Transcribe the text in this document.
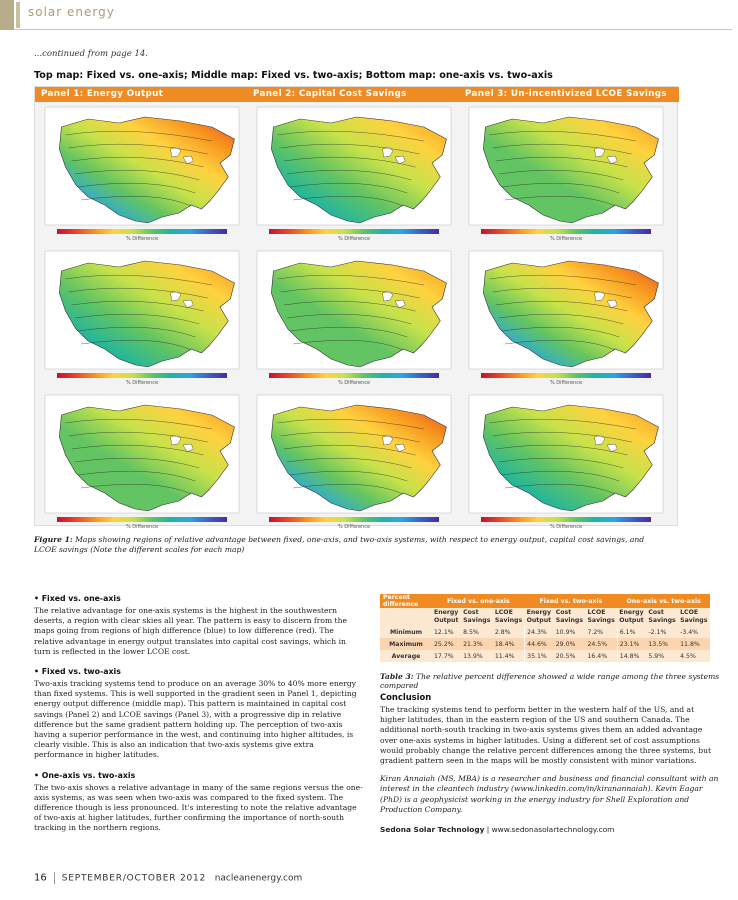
solar energy
...continued from page 14.
Top map: Fixed vs. one-axis; Middle map: Fixed vs. two-axis; Bottom map: one-axis vs. two-axis
Panel 1: Energy Output	Panel 2: Capital Cost Savings	Panel 3: Un-incentivized LCOE Savings
% Difference	% Difference	% Difference
% Difference	% Difference	% Difference
% Difference	% Difference	% Difference
Figure 1: Maps showing regions of relative advantage between fixed, one-axis, and two-axis systems, with respect to energy output, capital cost savings, and LCOE savings (Note the different scales for each map)
• Fixed vs. one-axis
The relative advantage for one-axis systems is the highest in the southwestern deserts, a region with clear skies all year. The pattern is easy to discern from the maps going from regions of high difference (blue) to low difference (red). The relative advantage in energy output translates into capital cost savings, which in turn is reflected in the lower LCOE cost.
• Fixed vs. two-axis
Two-axis tracking systems tend to produce on an average 30% to 40% more energy than fixed systems. This is well supported in the gradient seen in Panel 1, depicting energy output difference (middle map). This pattern is maintained in capital cost savings (Panel 2) and LCOE savings (Panel 3), with a progressive dip in relative difference but the same gradient pattern holding up. The perception of two-axis having a superior performance in the west, and continuing into higher altitudes, is clearly visible. This is also an indication that two-axis systems give extra performance in higher latitudes.
• One-axis vs. two-axis
The two-axis shows a relative advantage in many of the same regions versus the one-axis systems, as was seen when two-axis was compared to the fixed system. The difference though is less pronounced. It's interesting to note the relative advantage of two-axis at higher latitudes, further confirming the importance of north-south tracking in the northern regions.
Percent difference	Fixed vs. one-axis			Fixed vs. two-axis			One-axis vs. two-axis		
	Energy Output	Cost Savings	LCOE Savings	Energy Output	Cost Savings	LCOE Savings	Energy Output	Cost Savings	LCOE Savings
Minimum	12.1%	8.5%	2.8%	24.3%	10.9%	7.2%	6.1%	-2.1%	-3.4%
Maximum	25.2%	21.3%	18.4%	44.6%	29.0%	24.5%	23.1%	13.5%	11.8%
Average	17.7%	13.9%	11.4%	35.1%	20.5%	16.4%	14.8%	5.9%	4.5%
Table 3: The relative percent difference showed a wide range among the three systems compared
Conclusion
The tracking systems tend to perform better in the western half of the US, and at higher latitudes, than in the eastern region of the US and southern Canada. The additional north-south tracking in two-axis systems gives them an added advantage over one-axis systems in higher latitudes. Using a different set of cost assumptions would probably change the relative percent differences among the three systems, but gradient pattern seen in the maps will be mostly consistent with minor variations.
Kiran Annaiah (MS, MBA) is a researcher and business and financial consultant with an interest in the cleantech industry (www.linkedin.com/in/kiranannaiah). Kevin Eagar (PhD) is a geophysicist working in the energy industry for Shell Exploration and Production Company.
Sedona Solar Technology | www.sedonasolartechnology.com
16 SEPTEMBER/OCTOBER 2012 nacleanenergy.com
